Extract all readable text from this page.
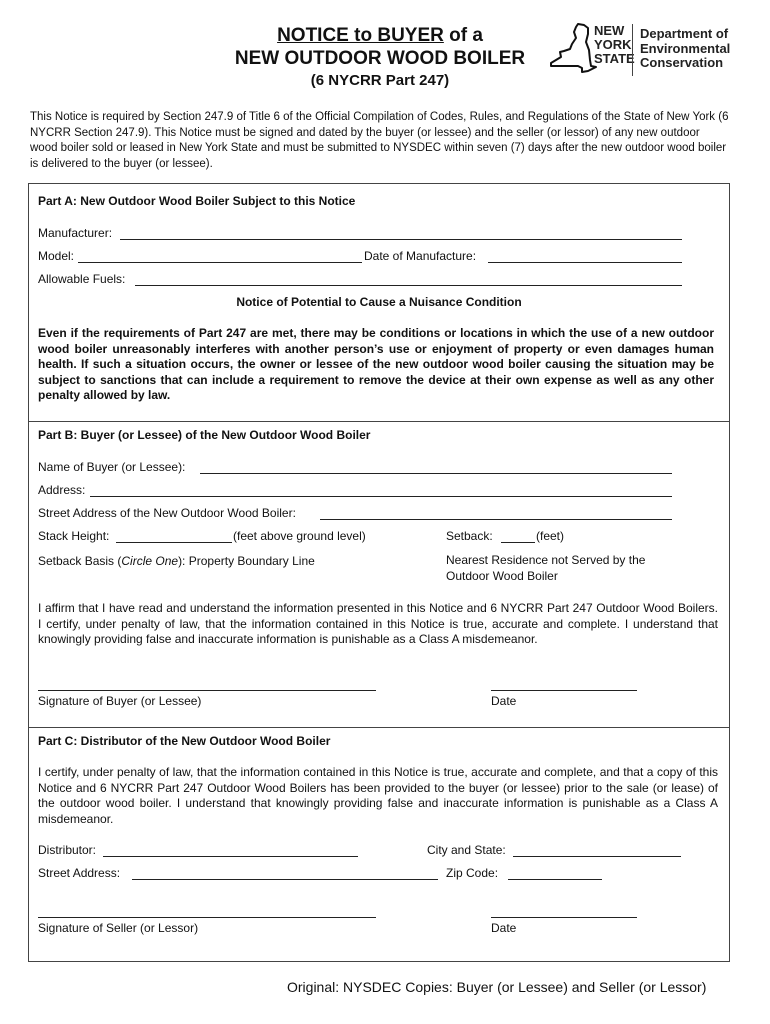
NOTICE to BUYER of a
NEW OUTDOOR WOOD BOILER
(6 NYCRR Part 247)
NEW
YORK
STATE
Department of
Environmental
Conservation
This Notice is required by Section 247.9 of Title 6 of the Official Compilation of Codes, Rules, and Regulations of the State of New York (6 NYCRR Section 247.9). This Notice must be signed and dated by the buyer (or lessee) and the seller (or lessor) of any new outdoor wood boiler sold or leased in New York State and must be submitted to NYSDEC within seven (7) days after the new outdoor wood boiler is delivered to the buyer (or lessee).
Part A: New Outdoor Wood Boiler Subject to this Notice
Manufacturer:
Model:	Date of Manufacture:
Allowable Fuels:
Notice of Potential to Cause a Nuisance Condition
Even if the requirements of Part 247 are met, there may be conditions or locations in which the use of a new outdoor wood boiler unreasonably interferes with another person’s use or enjoyment of property or even damages human health. If such a situation occurs, the owner or lessee of the new outdoor wood boiler causing the situation may be subject to sanctions that can include a requirement to remove the device at their own expense as well as any other penalty allowed by law.
Part B: Buyer (or Lessee) of the New Outdoor Wood Boiler
Name of Buyer (or Lessee):
Address:
Street Address of the New Outdoor Wood Boiler:
Stack Height:	(feet above ground level)	Setback:	(feet)
Setback Basis (Circle One): Property Boundary Line	Nearest Residence not Served by the Outdoor Wood Boiler
I affirm that I have read and understand the information presented in this Notice and 6 NYCRR Part 247 Outdoor Wood Boilers. I certify, under penalty of law, that the information contained in this Notice is true, accurate and complete. I understand that knowingly providing false and inaccurate information is punishable as a Class A misdemeanor.
Signature of Buyer (or Lessee)	Date
Part C: Distributor of the New Outdoor Wood Boiler
I certify, under penalty of law, that the information contained in this Notice is true, accurate and complete, and that a copy of this Notice and 6 NYCRR Part 247 Outdoor Wood Boilers has been provided to the buyer (or lessee) prior to the sale (or lease) of the outdoor wood boiler. I understand that knowingly providing false and inaccurate information is punishable as a Class A misdemeanor.
Distributor:	City and State:
Street Address:	Zip Code:
Signature of Seller (or Lessor)	Date
Original: NYSDEC Copies: Buyer (or Lessee) and Seller (or Lessor)
